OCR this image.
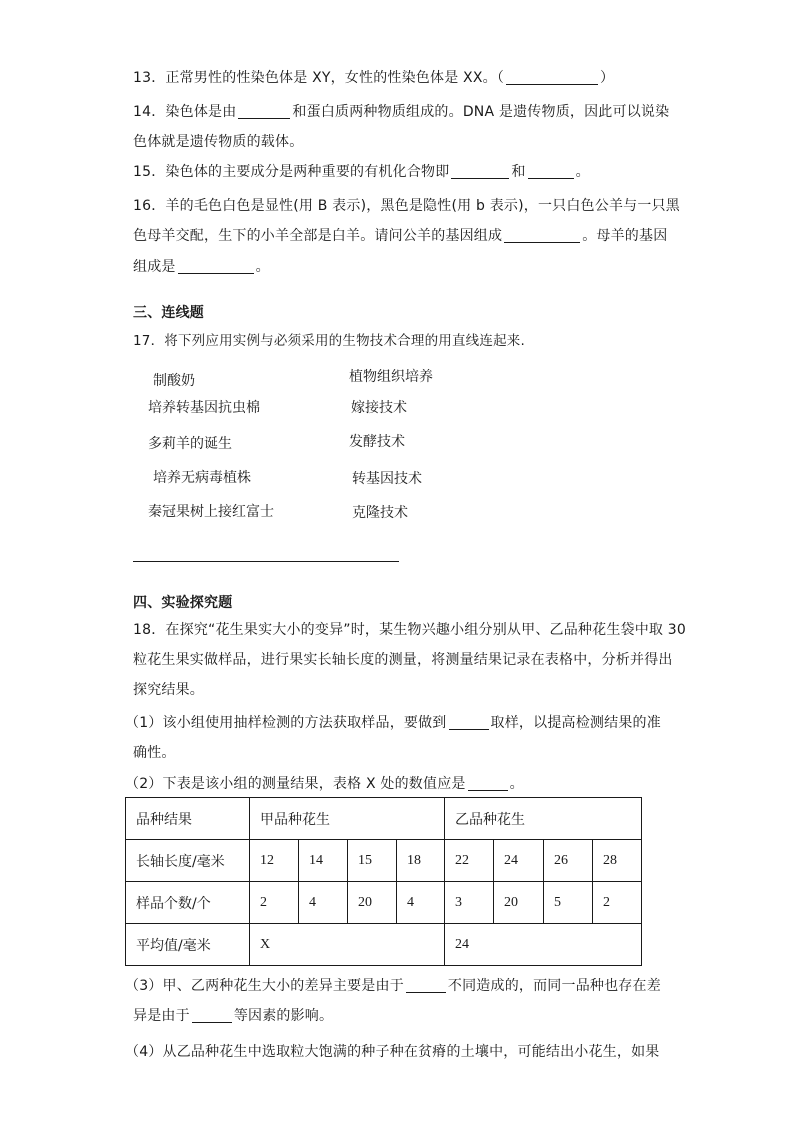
13．正常男性的性染色体是 XY，女性的性染色体是 XX。（	）
14．染色体是由	和蛋白质两种物质组成的。DNA 是遗传物质，因此可以说染
色体就是遗传物质的载体。
15．染色体的主要成分是两种重要的有机化合物即	和	。
16．羊的毛色白色是显性(用 B 表示)，黑色是隐性(用 b 表示)，一只白色公羊与一只黑
色母羊交配，生下的小羊全部是白羊。请问公羊的基因组成	。母羊的基因
组成是	。
三、连线题
17．将下列应用实例与必须采用的生物技术合理的用直线连起来.
制酸奶
培养转基因抗虫棉
多莉羊的诞生
培养无病毒植株
秦冠果树上接红富士
植物组织培养
嫁接技术
发酵技术
转基因技术
克隆技术
四、实验探究题
18．在探究“花生果实大小的变异”时，某生物兴趣小组分别从甲、乙品种花生袋中取 30
粒花生果实做样品，进行果实长轴长度的测量，将测量结果记录在表格中，分析并得出
探究结果。
（1）该小组使用抽样检测的方法获取样品，要做到	取样，以提高检测结果的准
确性。
（2）下表是该小组的测量结果，表格 X 处的数值应是	。
品种结果	甲品种花生				乙品种花生			
长轴长度/毫米	12	14	15	18	22	24	26	28
样品个数/个	2	4	20	4	3	20	5	2
平均值/毫米	X				24			
（3）甲、乙两种花生大小的差异主要是由于	不同造成的，而同一品种也存在差
异是由于	等因素的影响。
（4）从乙品种花生中选取粒大饱满的种子种在贫瘠的土壤中，可能结出小花生，如果
